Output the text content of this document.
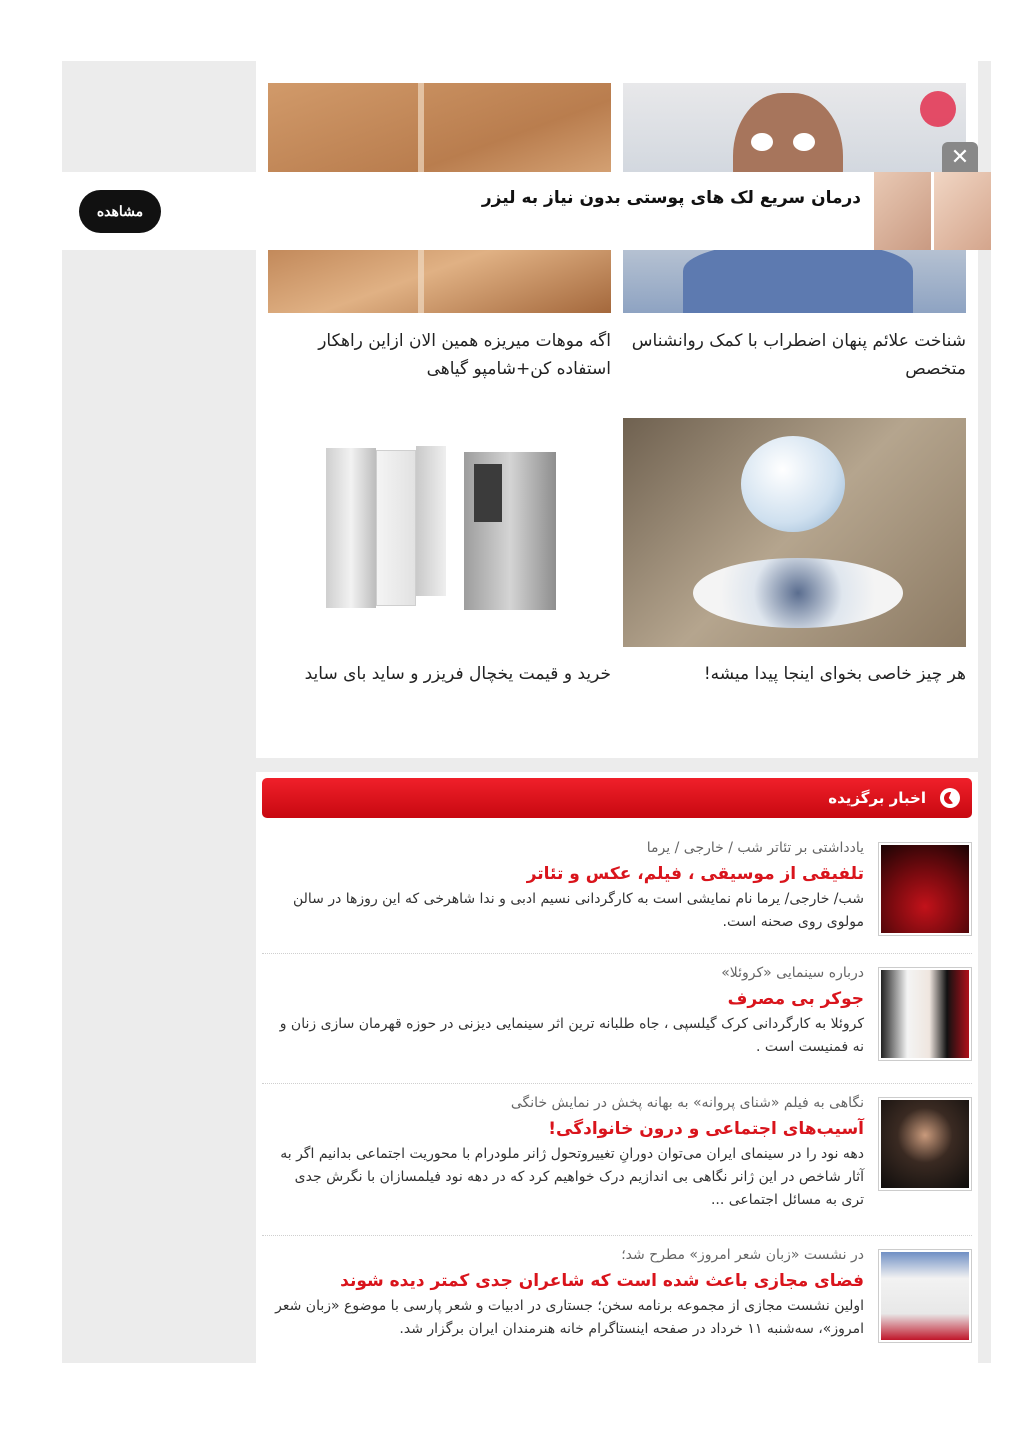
شناخت علائم پنهان اضطراب با کمک روانشناس متخصص
اگه موهات میریزه همین الان ازاین راهکار استفاده کن+شامپو گیاهی
هر چیز خاصی بخوای اینجا پیدا میشه!
خرید و قیمت یخچال فریزر و ساید بای ساید
مشاهده
درمان سریع لک های پوستی بدون نیاز به لیزر
✕
اخبار برگزیده
یادداشتی بر تئاتر شب / خارجی / یرما
تلفیقی از موسیقی ، فیلم، عکس و تئاتر
شب/ خارجی/ یرما نام نمایشی است به کارگردانی نسیم ادبی و ندا شاهرخی که این روزها در سالن مولوی روی صحنه است.
درباره سینمایی «کروئلا»
جوکر بی مصرف
کروئلا به کارگردانی کرک گیلسپی ، جاه طلبانه ترین اثر سینمایی دیزنی در حوزه قهرمان سازی زنان و نه فمنیست است .
نگاهی به فیلم «شنای پروانه» به بهانه پخش در نمایش خانگی
آسیب‌های اجتماعی و درون خانوادگی!
دهه نود را در سینمای ایران می‌توان دورانِ تغییروتحول ژانر ملودرام با محوریت اجتماعی بدانیم اگر به آثار شاخص در این ژانر نگاهی بی اندازیم درک خواهیم کرد که در دهه نود فیلمسازان با نگرش جدی تری به مسائل اجتماعی ...
در نشست «زبان شعر امروز» مطرح شد؛
فضای مجازی باعث شده است که شاعران جدی کمتر دیده شوند
اولین نشست مجازی از مجموعه برنامه سخن؛ جستاری در ادبیات و شعر پارسی با موضوع «زبان شعر امروز»، سه‌شنبه ۱۱ خرداد در صفحه اینستاگرام خانه هنرمندان ایران برگزار شد.
